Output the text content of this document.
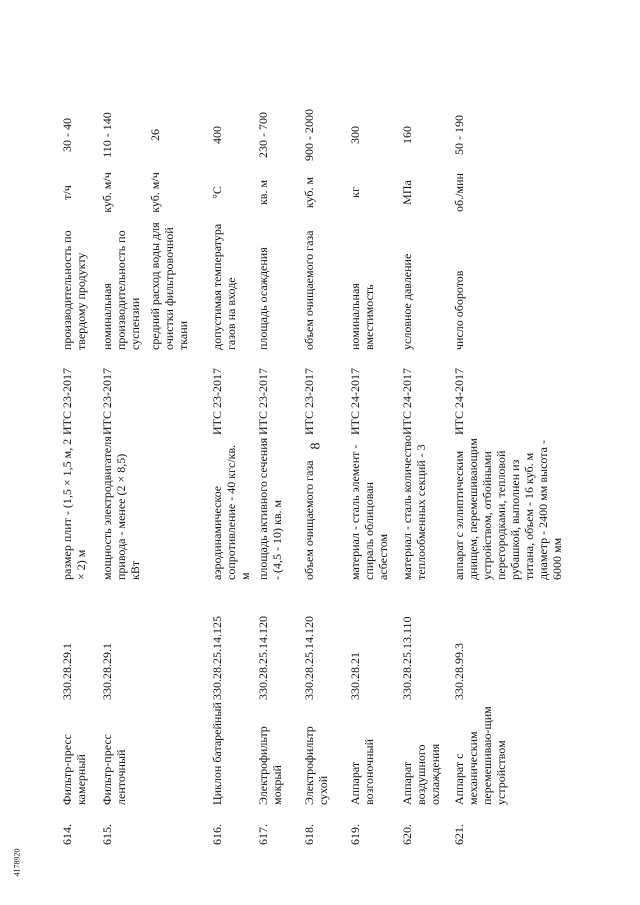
8
4178920
614.
Фильтр-пресс камерный
330.28.29.1
размер плит - (1,5 × 1,5 м, 2 × 2) м
ИТС 23-2017
производительность по твердому продукту
т/ч
30 - 40
615.
Фильтр-пресс ленточный
330.28.29.1
мощность электродвигателя привода - менее (2 × 8,5) кВт
ИТС 23-2017
номинальная производительность по суспензии
куб. м/ч
110 - 140
средний расход воды для очистки фильтровочной ткани
куб. м/ч
26
616.
Циклон батарейный
330.28.25.14.125
аэродинамическое сопротивление - 40 кгс/кв. м
ИТС 23-2017
допустимая температура газов на входе
°С
400
617.
Электрофильтр мокрый
330.28.25.14.120
площадь активного сечения - (4,5 - 10) кв. м
ИТС 23-2017
площадь осаждения
кв. м
230 - 700
618.
Электрофильтр сухой
330.28.25.14.120
объем очищаемого газа
ИТС 23-2017
объем очищаемого газа
куб. м
900 - 2000
619.
Аппарат возгоночный
330.28.21
материал - сталь элемент - спираль облицован асбестом
ИТС 24-2017
номинальная вместимость
кг
300
620.
Аппарат воздушного охлаждения
330.28.25.13.110
материал - сталь количество теплообменных секций - 3
ИТС 24-2017
условное давление
МПа
160
621.
Аппарат с механическим перемешиваю-щим устройством
330.28.99.3
аппарат с эллиптическим днищем, перемешивающим устройством, отбойными перегородками, тепловой рубашкой, выполнен из титана, объем - 16 куб. м диаметр - 2400 мм высота - 6000 мм
ИТС 24-2017
число оборотов
об./мин
50 - 190
